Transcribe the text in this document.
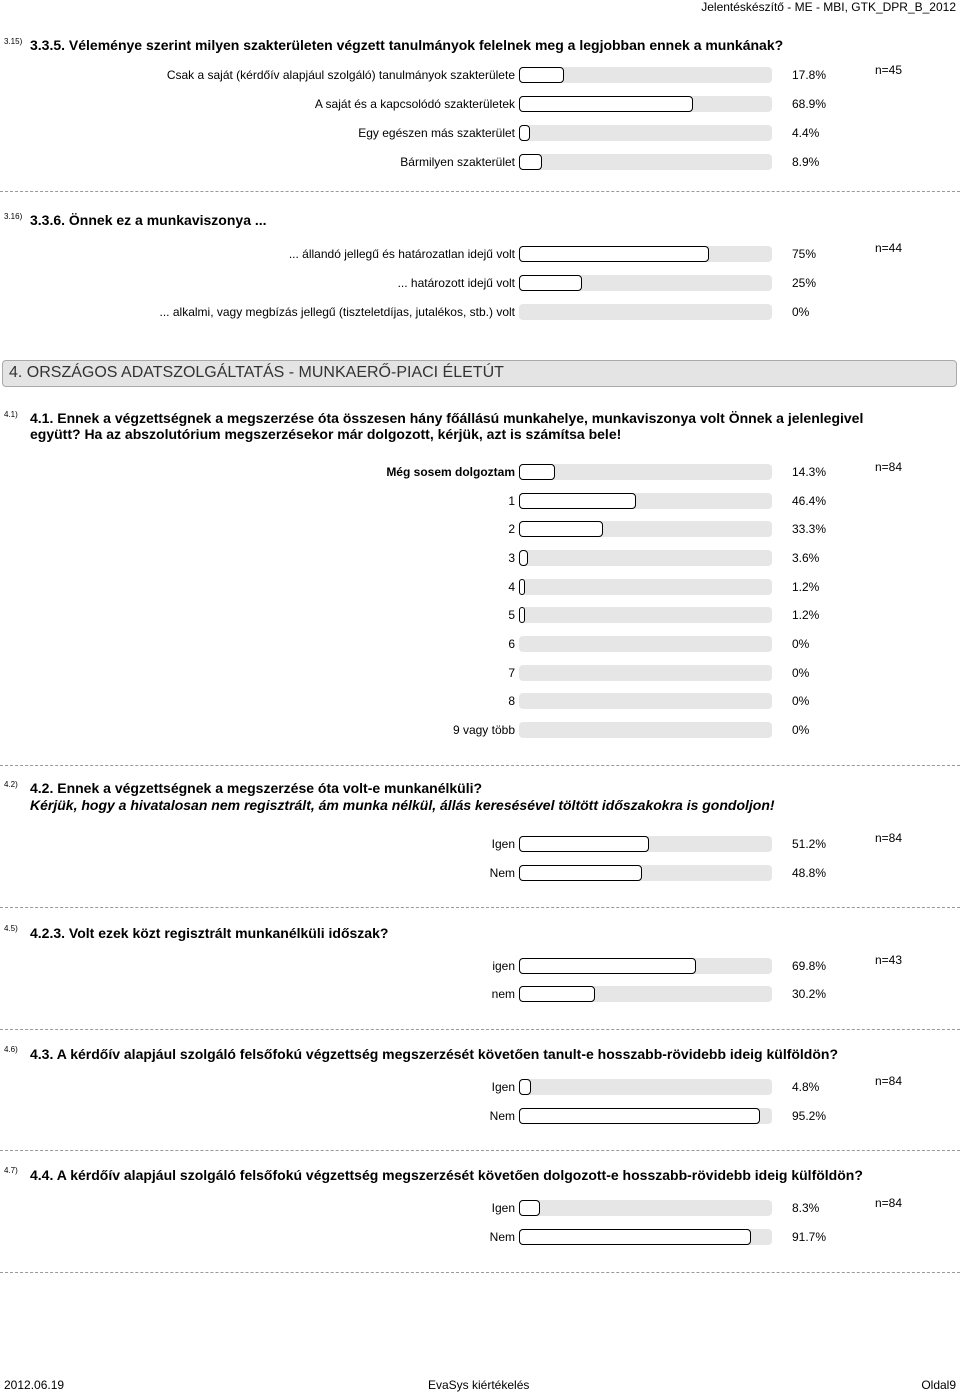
Jelentéskészítő - ME - MBI, GTK_DPR_B_2012
3.15) 3.3.5. Véleménye szerint milyen szakterületen végzett tanulmányok felelnek meg a legjobban ennek a munkának?
n=45
Csak a saját (kérdőív alapjául szolgáló) tanulmányok szakterülete	17.8%
A saját és a kapcsolódó szakterületek	68.9%
Egy egészen más szakterület	4.4%
Bármilyen szakterület	8.9%
3.16) 3.3.6. Önnek ez a munkaviszonya ...
n=44
... állandó jellegű és határozatlan idejű volt	75%
... határozott idejű volt	25%
... alkalmi, vagy megbízás jellegű (tiszteletdíjas, jutalékos, stb.) volt	0%
4. ORSZÁGOS ADATSZOLGÁLTATÁS - MUNKAERŐ-PIACI ÉLETÚT
4.1) 4.1. Ennek a végzettségnek a megszerzése óta összesen hány főállású munkahelye, munkaviszonya volt Önnek a jelenlegivel
együtt? Ha az abszolutórium megszerzésekor már dolgozott, kérjük, azt is számítsa bele!
n=84
Még sosem dolgoztam	14.3%
1	46.4%
2	33.3%
3	3.6%
4	1.2%
5	1.2%
6	0%
7	0%
8	0%
9 vagy több	0%
4.2) 4.2. Ennek a végzettségnek a megszerzése óta volt-e munkanélküli?
Kérjük, hogy a hivatalosan nem regisztrált, ám munka nélkül, állás keresésével töltött időszakokra is gondoljon!
n=84
Igen	51.2%
Nem	48.8%
4.5) 4.2.3. Volt ezek közt regisztrált munkanélküli időszak?
n=43
igen	69.8%
nem	30.2%
4.6) 4.3. A kérdőív alapjául szolgáló felsőfokú végzettség megszerzését követően tanult-e hosszabb-rövidebb ideig külföldön?
n=84
Igen	4.8%
Nem	95.2%
4.7) 4.4. A kérdőív alapjául szolgáló felsőfokú végzettség megszerzését követően dolgozott-e hosszabb-rövidebb ideig külföldön?
n=84
Igen	8.3%
Nem	91.7%
2012.06.19	EvaSys kiértékelés	Oldal9
